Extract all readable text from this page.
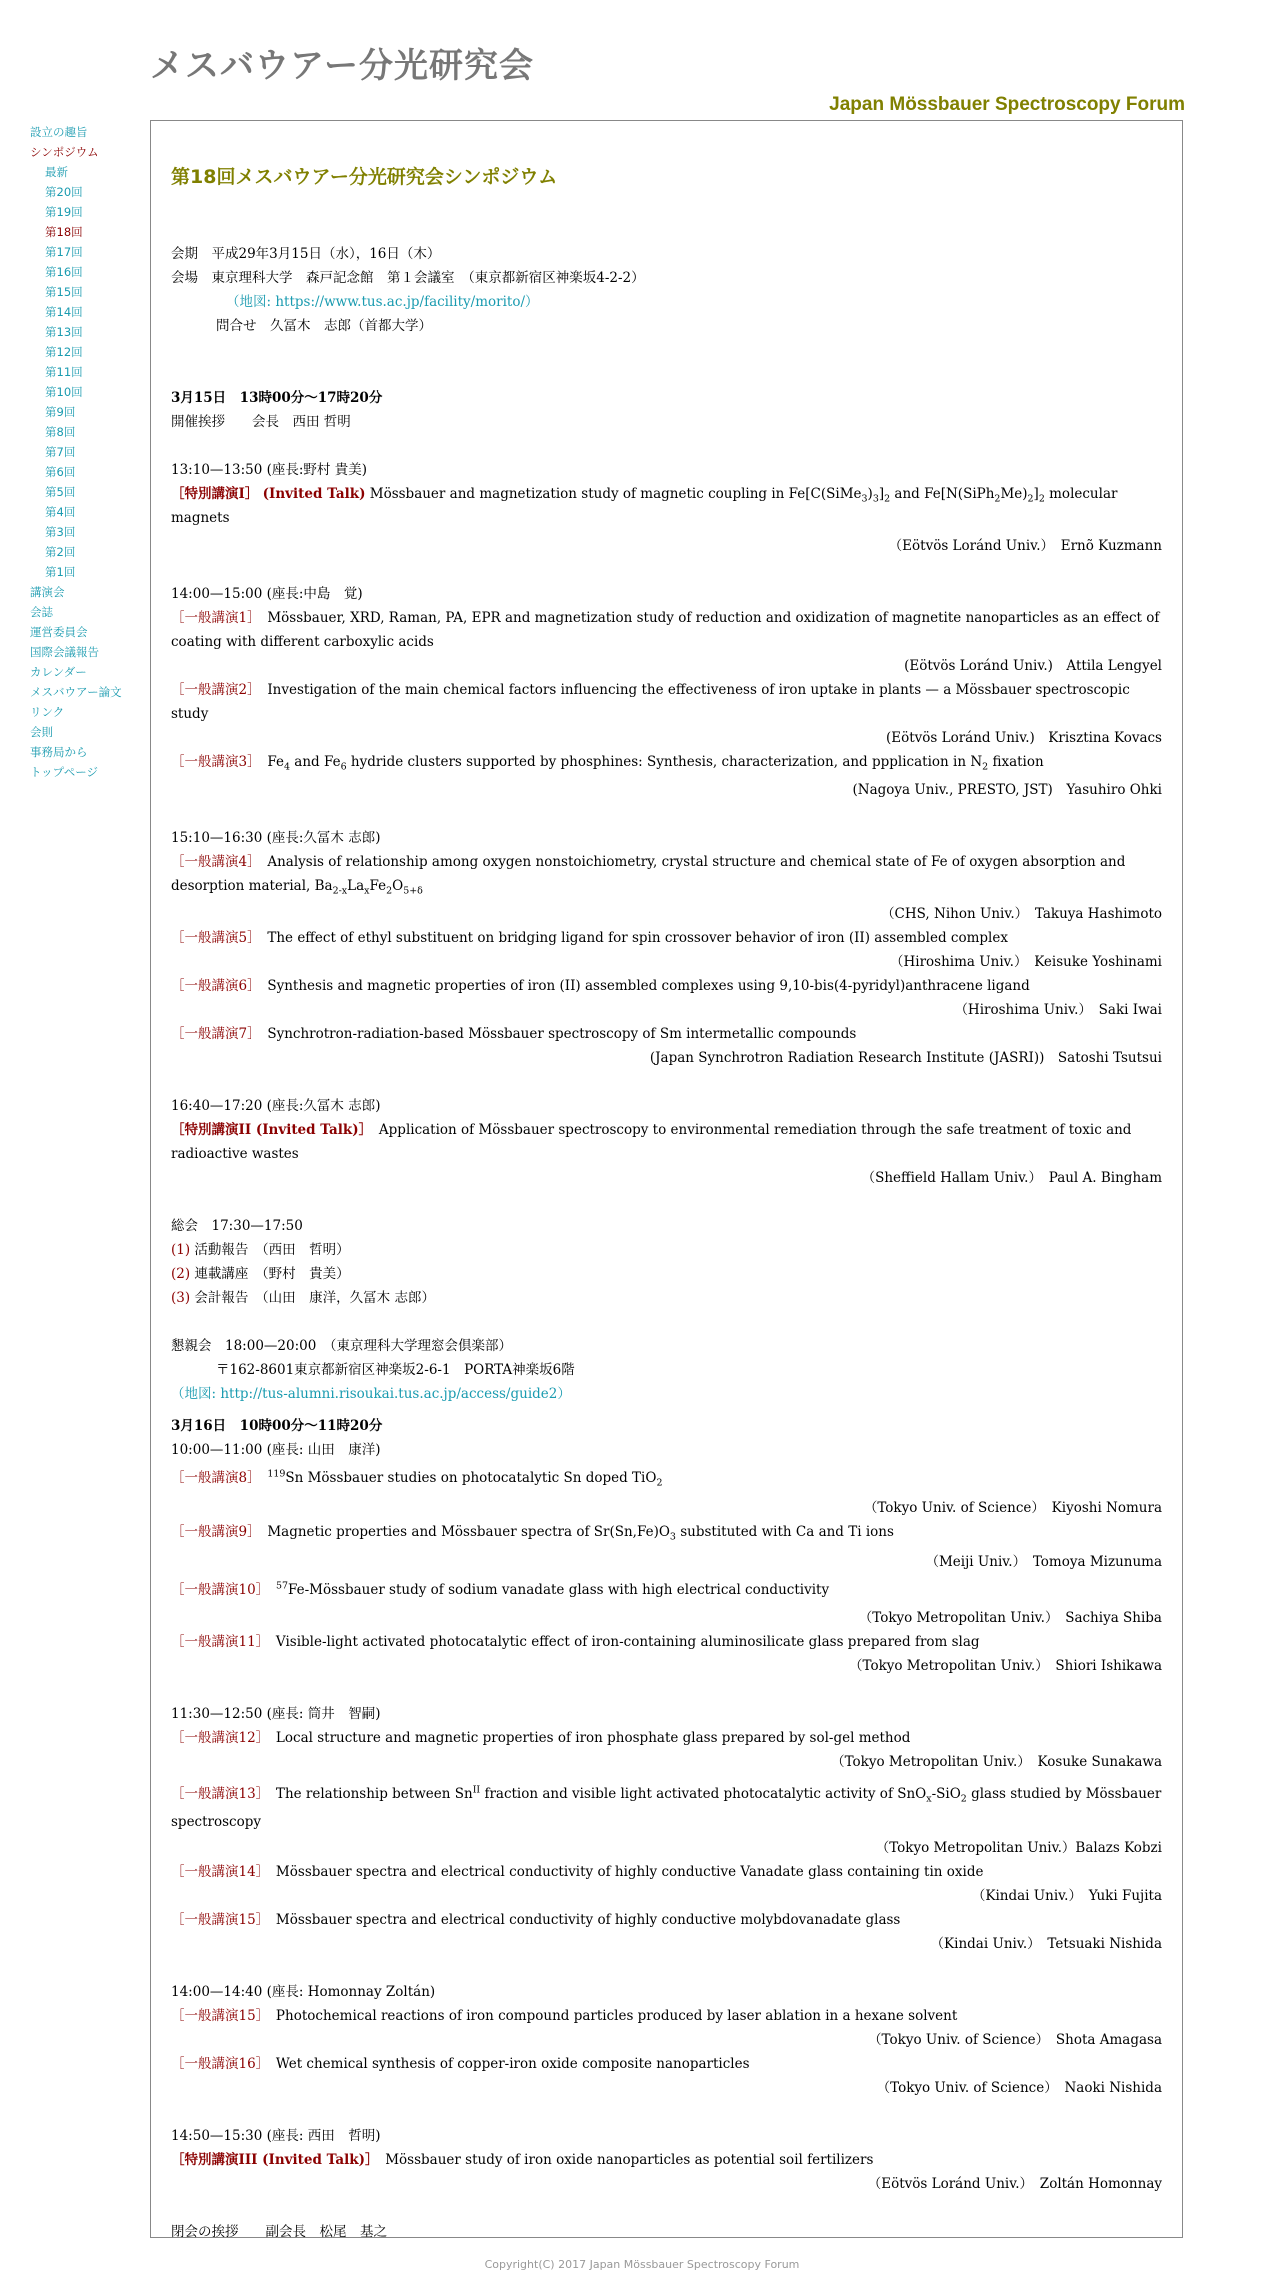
メスバウアー分光研究会
Japan Mössbauer Spectroscopy Forum
設立の趣旨
シンポジウム
最新
第20回
第19回
第18回
第17回
第16回
第15回
第14回
第13回
第12回
第11回
第10回
第9回
第8回
第7回
第6回
第5回
第4回
第3回
第2回
第1回
講演会
会誌
運営委員会
国際会議報告
カレンダー
メスバウアー論文
リンク
会則
事務局から
トップページ
第18回メスバウアー分光研究会シンポジウム
会期　平成29年3月15日（水），16日（木）
会場　東京理科大学　森戸記念館　第１会議室　（東京都新宿区神楽坂4-2-2）
（地図: https://www.tus.ac.jp/facility/morito/）
問合せ　久冨木　志郎（首都大学）
3月15日　13時00分～17時20分
開催挨拶　　会長　西田 哲明
13:10—13:50 (座長:野村 貴美)
［特別講演I］ (Invited Talk) Mössbauer and magnetization study of magnetic coupling in $Fe[C(SiMe_3)_3]_2$ and $Fe[N(SiPh_2Me)_2]_2$ molecular magnets
（Eötvös Loránd Univ.）　Ernõ Kuzmann
14:00—15:00 (座長:中島　覚)
［一般講演1］　Mössbauer, XRD, Raman, PA, EPR and magnetization study of reduction and oxidization of magnetite nanoparticles as an effect of coating with different carboxylic acids
(Eötvös Loránd Univ.)　Attila Lengyel
［一般講演2］　Investigation of the main chemical factors influencing the effectiveness of iron uptake in plants — a Mössbauer spectroscopic study
(Eötvös Loránd Univ.)　Krisztina Kovacs
［一般講演3］　$Fe_4$ and $Fe_6$ hydride clusters supported by phosphines: Synthesis, characterization, and ppplication in $N_2$ fixation
(Nagoya Univ., PRESTO, JST)　Yasuhiro Ohki
15:10—16:30 (座長:久冨木 志郎)
［一般講演4］　Analysis of relationship among oxygen nonstoichiometry, crystal structure and chemical state of Fe of oxygen absorption and desorption material, $Ba_{2-x}La_xFe_2O_{5+\delta}$
（CHS, Nihon Univ.）　Takuya Hashimoto
［一般講演5］　The effect of ethyl substituent on bridging ligand for spin crossover behavior of iron (II) assembled complex
（Hiroshima Univ.）　Keisuke Yoshinami
［一般講演6］　Synthesis and magnetic properties of iron (II) assembled complexes using 9,10-bis(4-pyridyl)anthracene ligand
（Hiroshima Univ.）　Saki Iwai
［一般講演7］　Synchrotron-radiation-based Mössbauer spectroscopy of Sm intermetallic compounds
(Japan Synchrotron Radiation Research Institute (JASRI))　Satoshi Tsutsui
16:40—17:20 (座長:久冨木 志郎)
［特別講演II (Invited Talk)］　Application of Mössbauer spectroscopy to environmental remediation through the safe treatment of toxic and radioactive wastes
（Sheffield Hallam Univ.）　Paul A. Bingham
総会　17:30—17:50
(1) 活動報告　（西田　哲明）
(2) 連載講座　（野村　貴美）
(3) 会計報告　（山田　康洋，久冨木 志郎）
懇親会　18:00—20:00　（東京理科大学理窓会倶楽部）
〒162-8601東京都新宿区神楽坂2-6-1　PORTA神楽坂6階
（地図: http://tus-alumni.risoukai.tus.ac.jp/access/guide2）
3月16日　10時00分～11時20分
10:00—11:00 (座長: 山田　康洋)
［一般講演8］　 $^{119}$Sn Mössbauer studies on photocatalytic Sn doped TiO$_2$
（Tokyo Univ. of Science）　Kiyoshi Nomura
［一般講演9］　Magnetic properties and Mössbauer spectra of $Sr(Sn,Fe)O_3$ substituted with Ca and Ti ions
（Meiji Univ.）　Tomoya Mizunuma
［一般講演10］　 $^{57}$Fe-Mössbauer study of sodium vanadate glass with high electrical conductivity
（Tokyo Metropolitan Univ.）　Sachiya Shiba
［一般講演11］　Visible-light activated photocatalytic effect of iron-containing aluminosilicate glass prepared from slag
（Tokyo Metropolitan Univ.）　Shiori Ishikawa
11:30—12:50 (座長: 筒井　智嗣)
［一般講演12］　Local structure and magnetic properties of iron phosphate glass prepared by sol-gel method
（Tokyo Metropolitan Univ.）　Kosuke Sunakawa
［一般講演13］　The relationship between $Sn^{II}$ fraction and visible light activated photocatalytic activity of SnO$_x$-SiO$_2$ glass studied by Mössbauer spectroscopy
（Tokyo Metropolitan Univ.）Balazs Kobzi
［一般講演14］　Mössbauer spectra and electrical conductivity of highly conductive Vanadate glass containing tin oxide
（Kindai Univ.）　Yuki Fujita
［一般講演15］　Mössbauer spectra and electrical conductivity of highly conductive molybdovanadate glass
（Kindai Univ.）　Tetsuaki Nishida
14:00—14:40 (座長: Homonnay Zoltán)
［一般講演15］　Photochemical reactions of iron compound particles produced by laser ablation in a hexane solvent
（Tokyo Univ. of Science）　Shota Amagasa
［一般講演16］　Wet chemical synthesis of copper-iron oxide composite nanoparticles
（Tokyo Univ. of Science）　Naoki Nishida
14:50—15:30 (座長: 西田　哲明)
［特別講演III (Invited Talk)］　Mössbauer study of iron oxide nanoparticles as potential soil fertilizers
（Eötvös Loránd Univ.）　Zoltán Homonnay
閉会の挨拶　　副会長　松尾　基之
Copyright(C) 2017 Japan Mössbauer Spectroscopy Forum
